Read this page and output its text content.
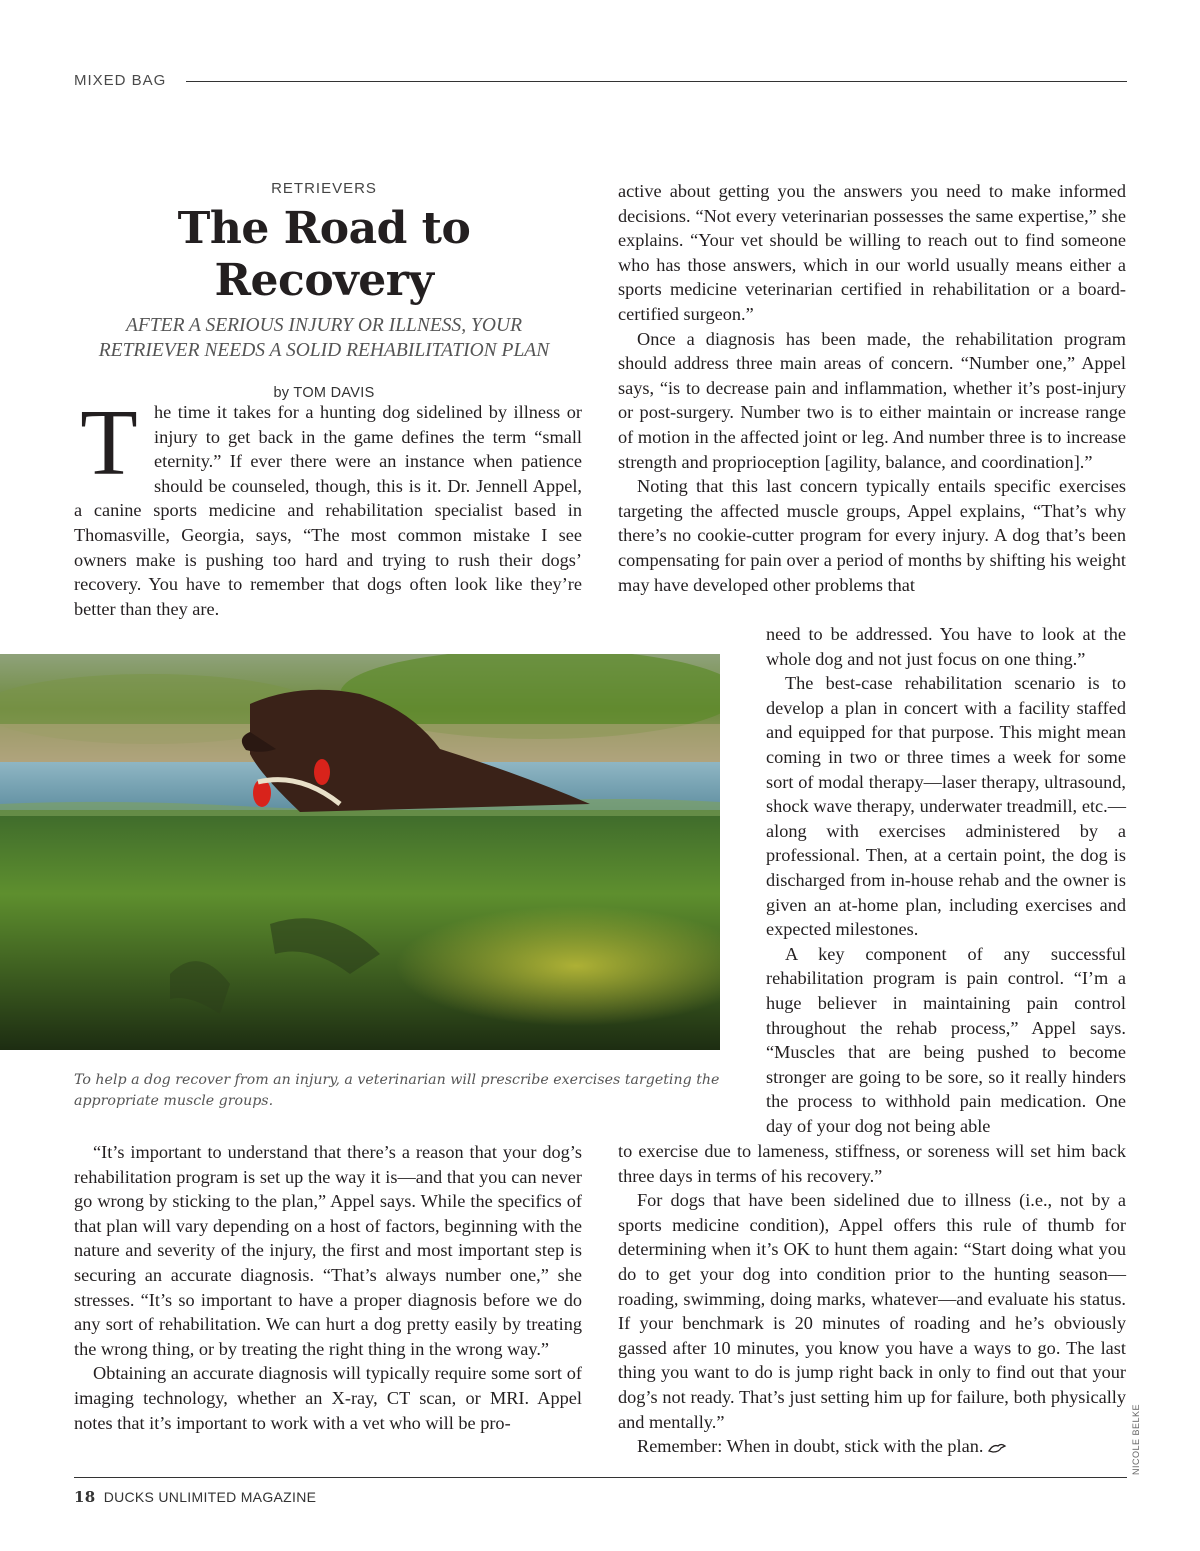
MIXED BAG
RETRIEVERS
The Road to Recovery
AFTER A SERIOUS INJURY OR ILLNESS, YOUR
RETRIEVER NEEDS A SOLID REHABILITATION PLAN
by TOM DAVIS
T he time it takes for a hunting dog sidelined by illness or injury to get back in the game defines the term “small eternity.” If ever there were an instance when patience should be counseled, though, this is it. Dr. Jennell Appel, a canine sports medicine and rehabilitation specialist based in Thomasville, Georgia, says, “The most common mistake I see owners make is pushing too hard and trying to rush their dogs’ recovery. You have to remember that dogs often look like they’re better than they are.
To help a dog recover from an injury, a veterinarian will prescribe exercises targeting the appropriate muscle groups.

“It’s important to understand that there’s a reason that your dog’s rehabilitation program is set up the way it is—and that you can never go wrong by sticking to the plan,” Appel says. While the specifics of that plan will vary depending on a host of factors, beginning with the nature and severity of the injury, the first and most important step is securing an accurate diagnosis. “That’s always number one,” she stresses. “It’s so important to have a proper diagnosis before we do any sort of rehabilitation. We can hurt a dog pretty easily by treating the wrong thing, or by treating the right thing in the wrong way.”

Obtaining an accurate diagnosis will typically require some sort of imaging technology, whether an X-ray, CT scan, or MRI. Appel notes that it’s important to work with a vet who will be pro-

active about getting you the answers you need to make informed decisions. “Not every veterinarian possesses the same expertise,” she explains. “Your vet should be willing to reach out to find someone who has those answers, which in our world usually means either a sports medicine veterinarian certified in rehabilitation or a board-certified surgeon.”

Once a diagnosis has been made, the rehabilitation program should address three main areas of concern. “Number one,” Appel says, “is to decrease pain and inflammation, whether it’s post-injury or post-surgery. Number two is to either maintain or increase range of motion in the affected joint or leg. And number three is to increase strength and proprioception [agility, balance, and coordination].”

Noting that this last concern typically entails specific exercises targeting the affected muscle groups, Appel explains, “That’s why there’s no cookie-cutter program for every injury. A dog that’s been compensating for pain over a period of months by shifting his weight may have developed other problems that

need to be addressed. You have to look at the whole dog and not just focus on one thing.”

The best-case rehabilitation scenario is to develop a plan in concert with a facility staffed and equipped for that purpose. This might mean coming in two or three times a week for some sort of modal therapy—laser therapy, ultrasound, shock wave therapy, underwater treadmill, etc.—along with exercises administered by a professional. Then, at a certain point, the dog is discharged from in-house rehab and the owner is given an at-home plan, including exercises and expected milestones.

A key component of any successful rehabilitation program is pain control. “I’m a huge believer in maintaining pain control throughout the rehab process,” Appel says. “Muscles that are being pushed to become stronger are going to be sore, so it really hinders the process to withhold pain medication. One day of your dog not being able

to exercise due to lameness, stiffness, or soreness will set him back three days in terms of his recovery.”

For dogs that have been sidelined due to illness (i.e., not by a sports medicine condition), Appel offers this rule of thumb for determining when it’s OK to hunt them again: “Start doing what you do to get your dog into condition prior to the hunting season—roading, swimming, doing marks, whatever—and evaluate his status. If your benchmark is 20 minutes of roading and he’s obviously gassed after 10 minutes, you know you have a ways to go. The last thing you want to do is jump right back in only to find out that your dog’s not ready. That’s just setting him up for failure, both physically and mentally.”

Remember: When in doubt, stick with the plan.	NICOLE BELKE
18 DUCKS UNLIMITED MAGAZINE
